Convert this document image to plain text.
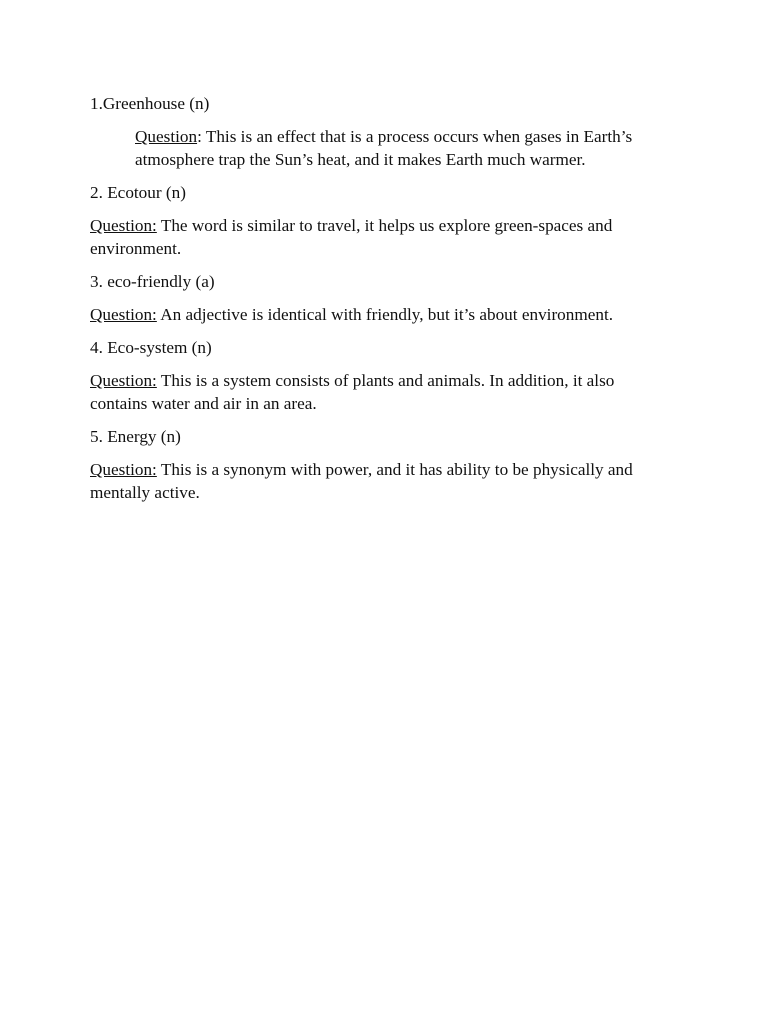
1.Greenhouse (n)

Question: This is an effect that is a process occurs when gases in Earth’s atmosphere trap the Sun’s heat, and it makes Earth much warmer.

2. Ecotour (n)

Question: The word is similar to travel, it helps us explore green-spaces and environment.

3. eco-friendly (a)

Question: An adjective is identical with friendly, but it’s about environment.

4. Eco-system (n)

Question: This is a system consists of plants and animals. In addition, it also contains water and air in an area.

5. Energy (n)

Question: This is a synonym with power, and it has ability to be physically and mentally active.
